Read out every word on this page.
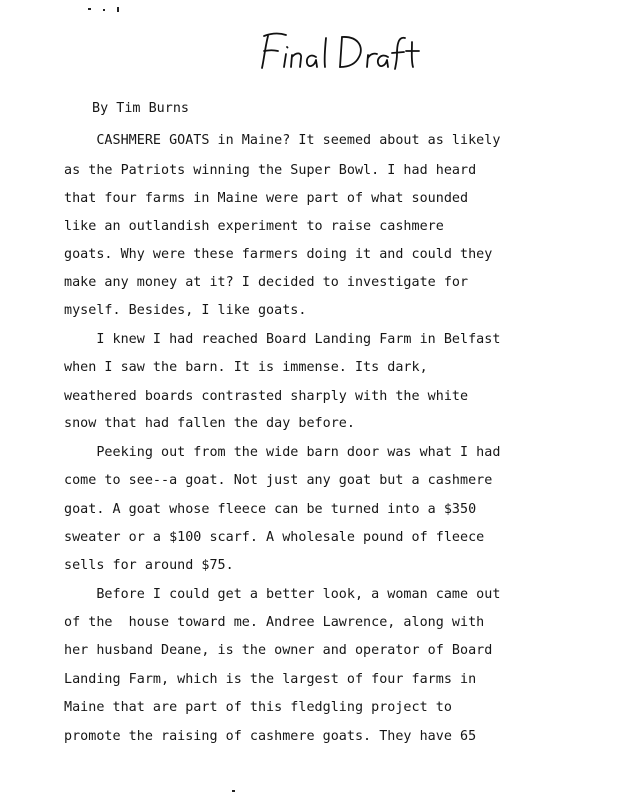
By Tim Burns
CASHMERE GOATS in Maine? It seemed about as likely
as the Patriots winning the Super Bowl. I had heard
that four farms in Maine were part of what sounded
like an outlandish experiment to raise cashmere
goats. Why were these farmers doing it and could they
make any money at it? I decided to investigate for
myself. Besides, I like goats.
I knew I had reached Board Landing Farm in Belfast
when I saw the barn. It is immense. Its dark,
weathered boards contrasted sharply with the white
snow that had fallen the day before.
Peeking out from the wide barn door was what I had
come to see--a goat. Not just any goat but a cashmere
goat. A goat whose fleece can be turned into a $350
sweater or a $100 scarf. A wholesale pound of fleece
sells for around $75.
Before I could get a better look, a woman came out
of the  house toward me. Andree Lawrence, along with
her husband Deane, is the owner and operator of Board
Landing Farm, which is the largest of four farms in
Maine that are part of this fledgling project to
promote the raising of cashmere goats. They have 65
